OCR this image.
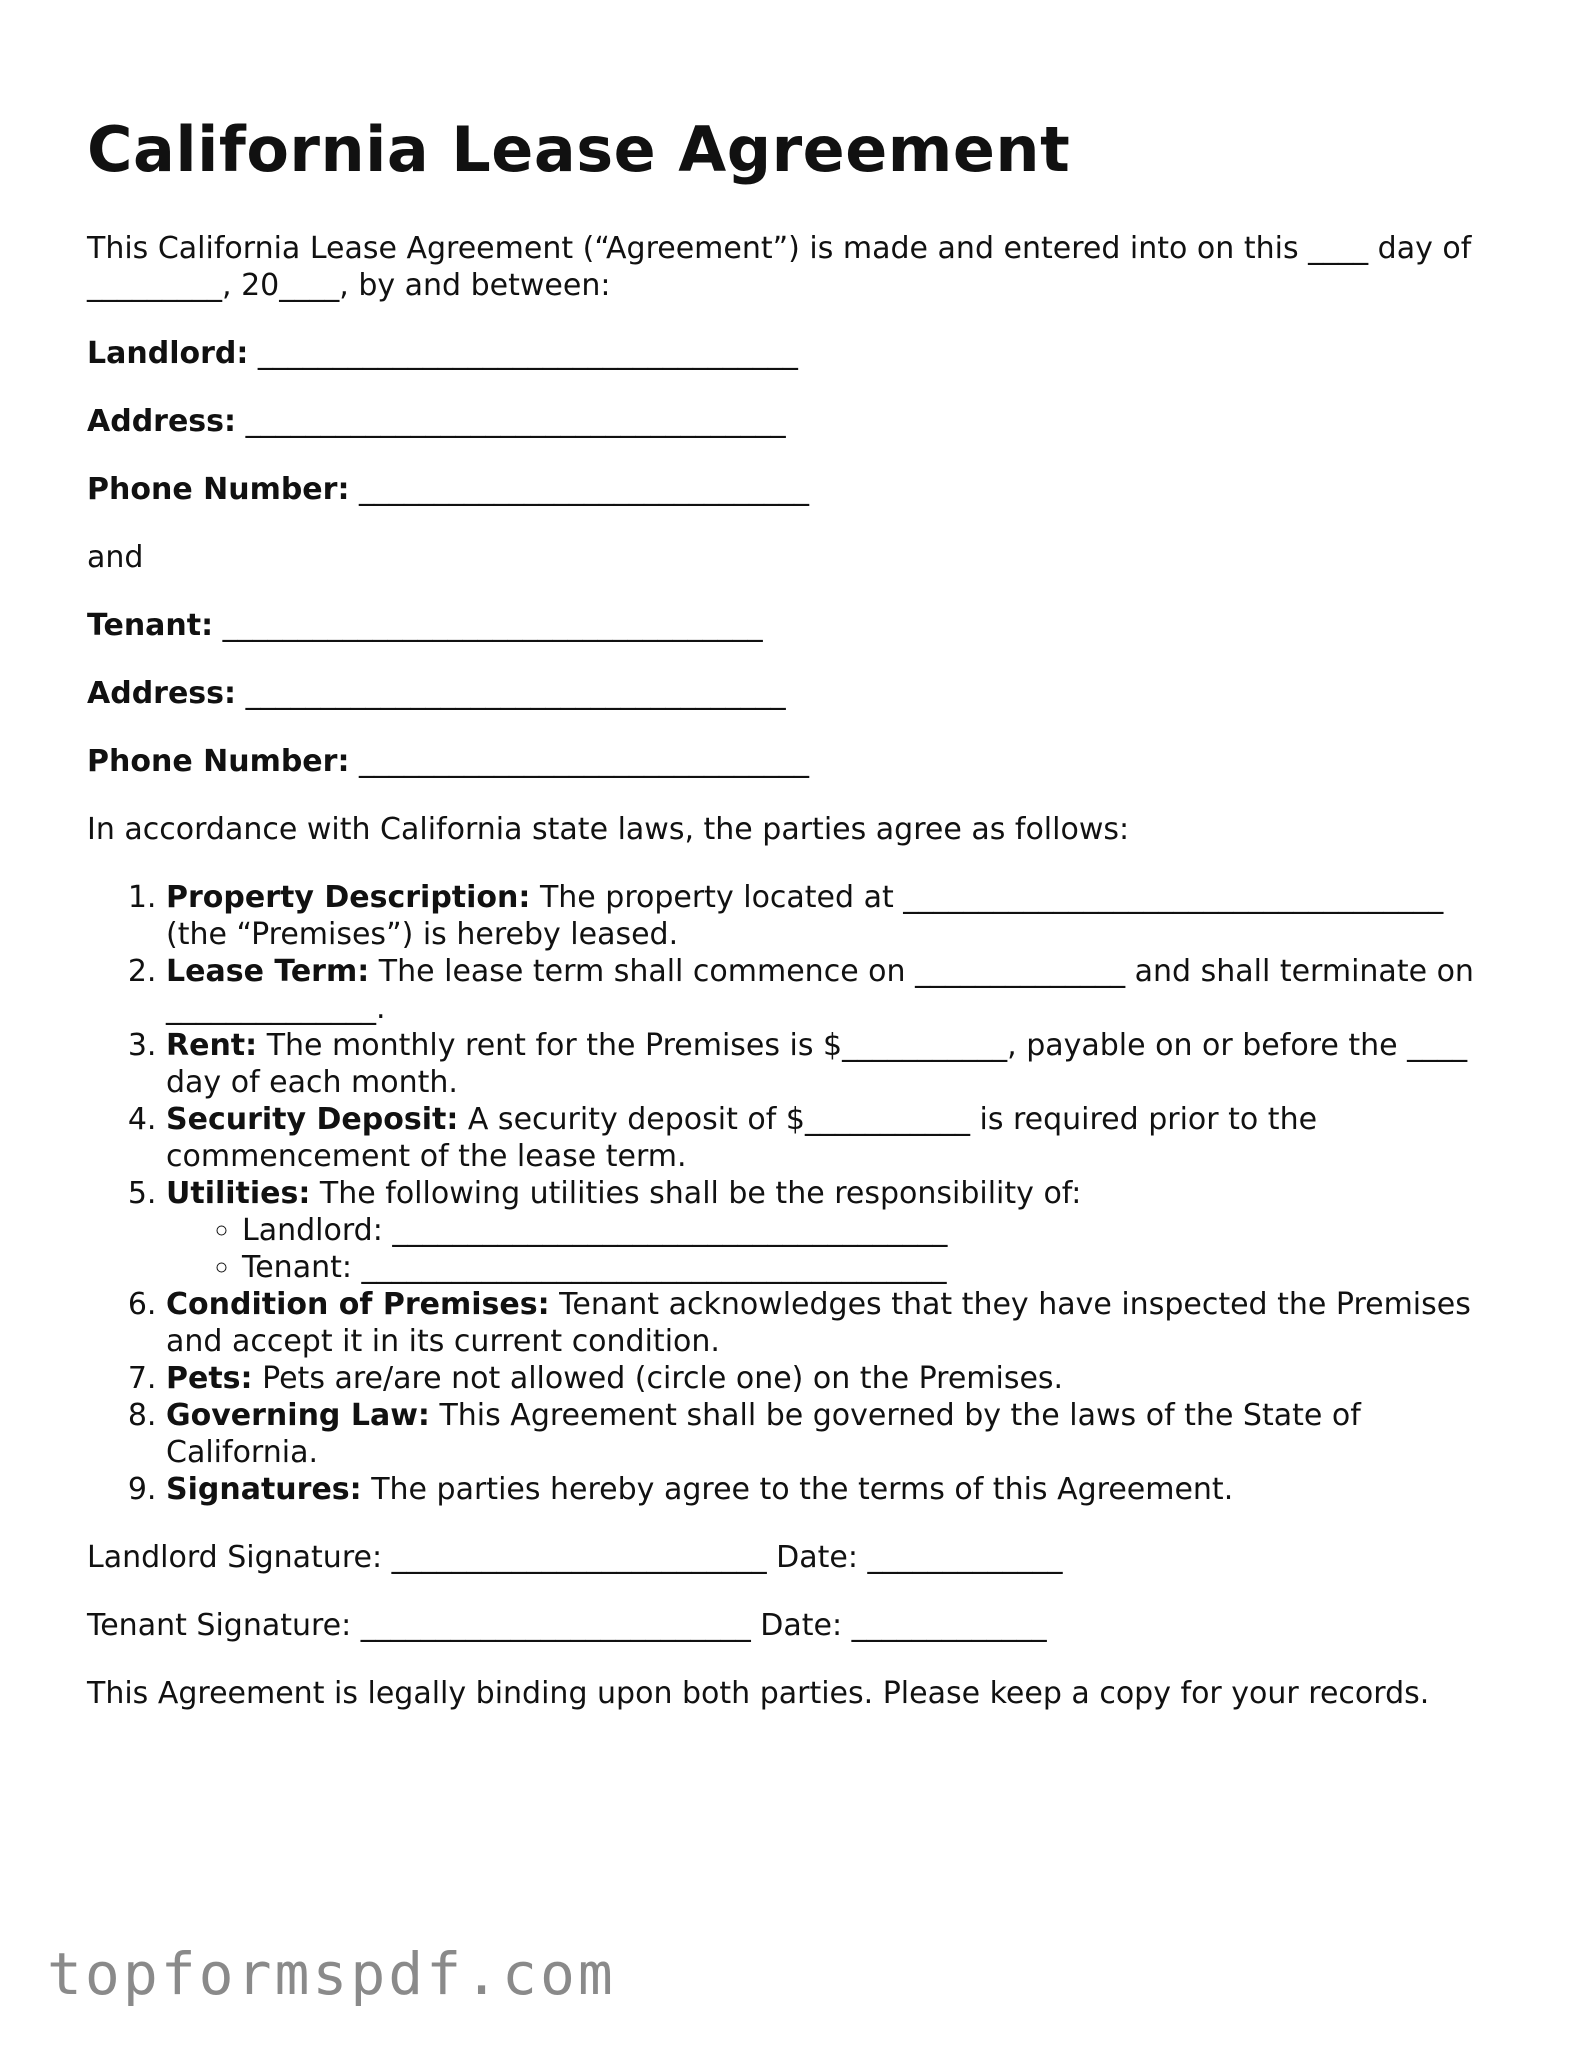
California Lease Agreement

This California Lease Agreement (“Agreement”) is made and entered into on this ____ day of _________, 20____, by and between:

Landlord: ____________________________________
Address: ____________________________________
Phone Number: ______________________________

and

Tenant: ____________________________________
Address: ____________________________________
Phone Number: ______________________________

In accordance with California state laws, the parties agree as follows:

1. Property Description: The property located at ____________________________________ (the “Premises”) is hereby leased.
2. Lease Term: The lease term shall commence on ______________ and shall terminate on ______________.
3. Rent: The monthly rent for the Premises is $___________, payable on or before the ____ day of each month.
4. Security Deposit: A security deposit of $___________ is required prior to the commencement of the lease term.
5. Utilities: The following utilities shall be the responsibility of:
◦ Landlord: _____________________________________
◦ Tenant: _______________________________________
6. Condition of Premises: Tenant acknowledges that they have inspected the Premises and accept it in its current condition.
7. Pets: Pets are/are not allowed (circle one) on the Premises.
8. Governing Law: This Agreement shall be governed by the laws of the State of California.
9. Signatures: The parties hereby agree to the terms of this Agreement.

Landlord Signature: _________________________ Date: _____________

Tenant Signature: __________________________ Date: _____________

This Agreement is legally binding upon both parties. Please keep a copy for your records.

topformspdf.com
